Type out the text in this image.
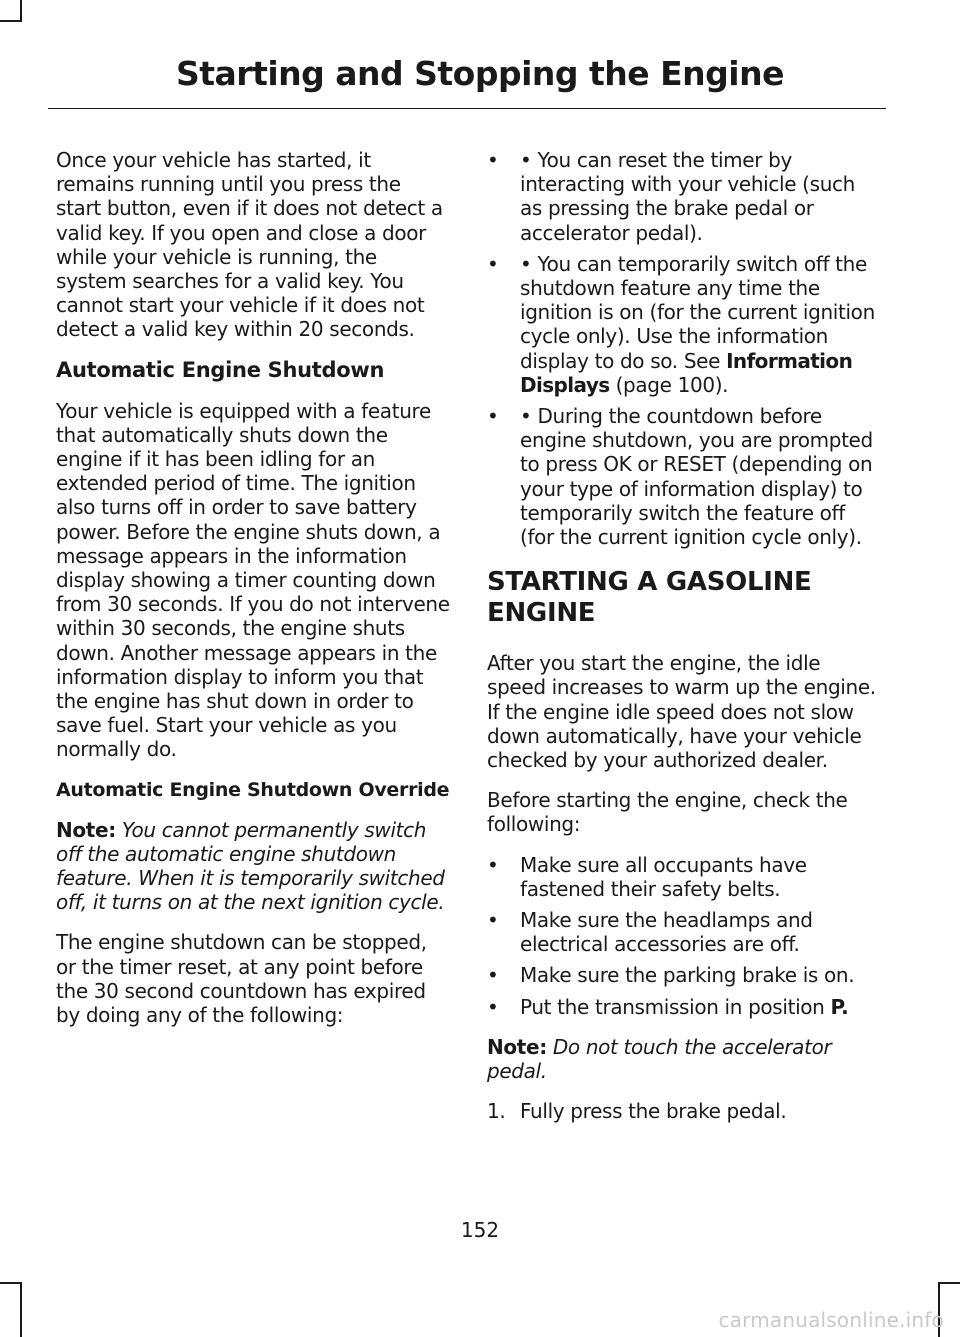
Starting and Stopping the Engine

Once your vehicle has started, it remains running until you press the start button, even if it does not detect a valid key. If you open and close a door while your vehicle is running, the system searches for a valid key. You cannot start your vehicle if it does not detect a valid key within 20 seconds.

Automatic Engine Shutdown

Your vehicle is equipped with a feature that automatically shuts down the engine if it has been idling for an extended period of time. The ignition also turns off in order to save battery power. Before the engine shuts down, a message appears in the information display showing a timer counting down from 30 seconds. If you do not intervene within 30 seconds, the engine shuts down. Another message appears in the information display to inform you that the engine has shut down in order to save fuel. Start your vehicle as you normally do.

Automatic Engine Shutdown Override

Note: You cannot permanently switch off the automatic engine shutdown feature. When it is temporarily switched off, it turns on at the next ignition cycle.

The engine shutdown can be stopped, or the timer reset, at any point before the 30 second countdown has expired by doing any of the following:

• • You can reset the timer by interacting with your vehicle (such as pressing the brake pedal or accelerator pedal).
• • You can temporarily switch off the shutdown feature any time the ignition is on (for the current ignition cycle only). Use the information display to do so. See Information Displays (page 100).
• • During the countdown before engine shutdown, you are prompted to press OK or RESET (depending on your type of information display) to temporarily switch the feature off (for the current ignition cycle only).
STARTING A GASOLINE
ENGINE

After you start the engine, the idle speed increases to warm up the engine. If the engine idle speed does not slow down automatically, have your vehicle checked by your authorized dealer.

Before starting the engine, check the following:

• Make sure all occupants have fastened their safety belts.
• Make sure the headlamps and electrical accessories are off.
• Make sure the parking brake is on.
• Put the transmission in position P.

Note: Do not touch the accelerator pedal.

1. Fully press the brake pedal.
152
carmanualsonline.info
